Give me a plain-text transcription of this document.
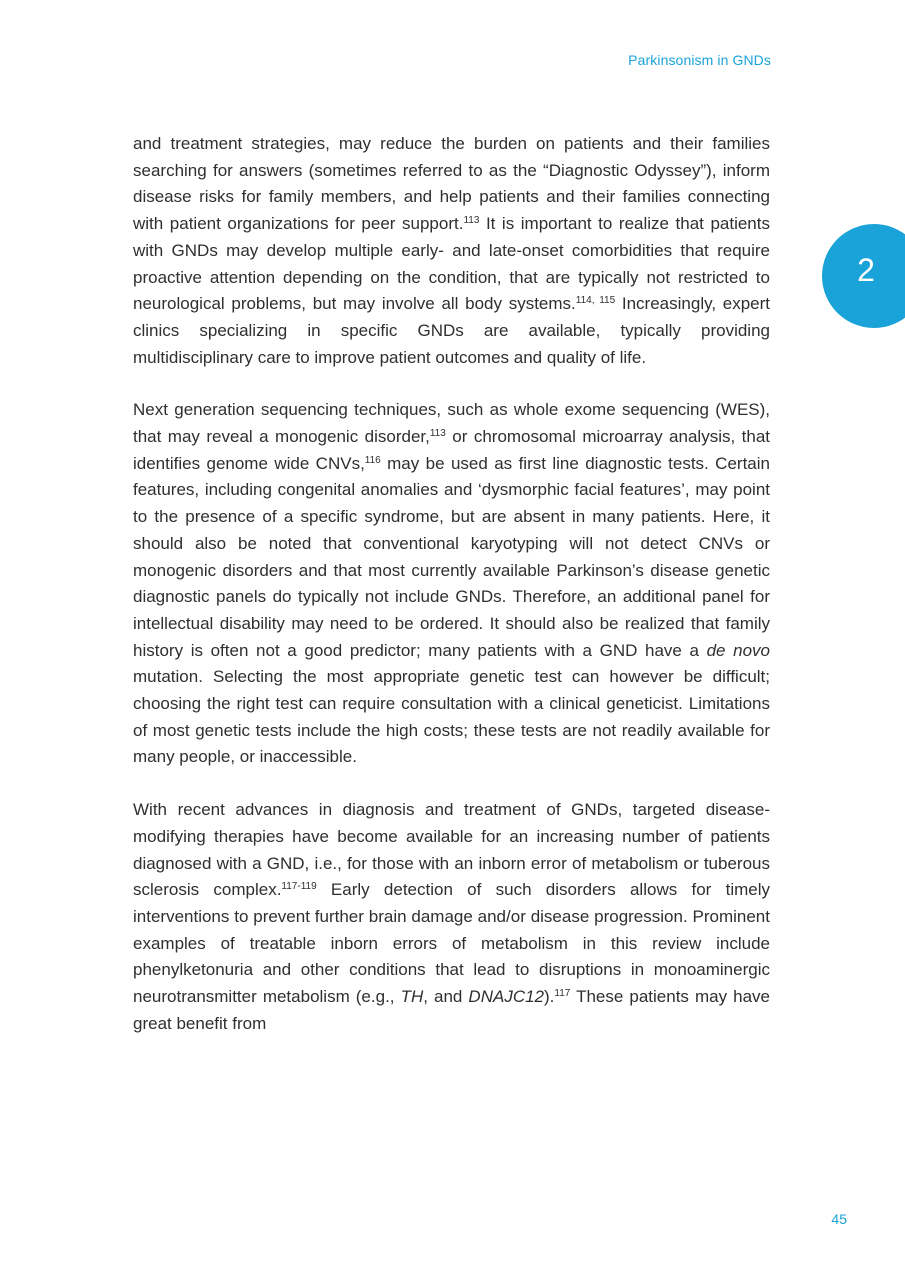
Parkinsonism in GNDs
2

and treatment strategies, may reduce the burden on patients and their families searching for answers (sometimes referred to as the “Diagnostic Odyssey”), inform disease risks for family members, and help patients and their families connecting with patient organizations for peer support.$^{113}$ It is important to realize that patients with GNDs may develop multiple early- and late-onset comorbidities that require proactive attention depending on the condition, that are typically not restricted to neurological problems, but may involve all body systems.$^{114, 115}$ Increasingly, expert clinics specializing in specific GNDs are available, typically providing multidisciplinary care to improve patient outcomes and quality of life.

Next generation sequencing techniques, such as whole exome sequencing (WES), that may reveal a monogenic disorder,$^{113}$ or chromosomal microarray analysis, that identifies genome wide CNVs,$^{116}$ may be used as first line diagnostic tests. Certain features, including congenital anomalies and ‘dysmorphic facial features’, may point to the presence of a specific syndrome, but are absent in many patients. Here, it should also be noted that conventional karyotyping will not detect CNVs or monogenic disorders and that most currently available Parkinson’s disease genetic diagnostic panels do typically not include GNDs. Therefore, an additional panel for intellectual disability may need to be ordered. It should also be realized that family history is often not a good predictor; many patients with a GND have a de novo mutation. Selecting the most appropriate genetic test can however be difficult; choosing the right test can require consultation with a clinical geneticist. Limitations of most genetic tests include the high costs; these tests are not readily available for many people, or inaccessible.

With recent advances in diagnosis and treatment of GNDs, targeted disease-modifying therapies have become available for an increasing number of patients diagnosed with a GND, i.e., for those with an inborn error of metabolism or tuberous sclerosis complex.$^{117-119}$ Early detection of such disorders allows for timely interventions to prevent further brain damage and/or disease progression. Prominent examples of treatable inborn errors of metabolism in this review include phenylketonuria and other conditions that lead to disruptions in monoaminergic neurotransmitter metabolism (e.g., TH, and DNAJC12).$^{117}$ These patients may have great benefit from

45
